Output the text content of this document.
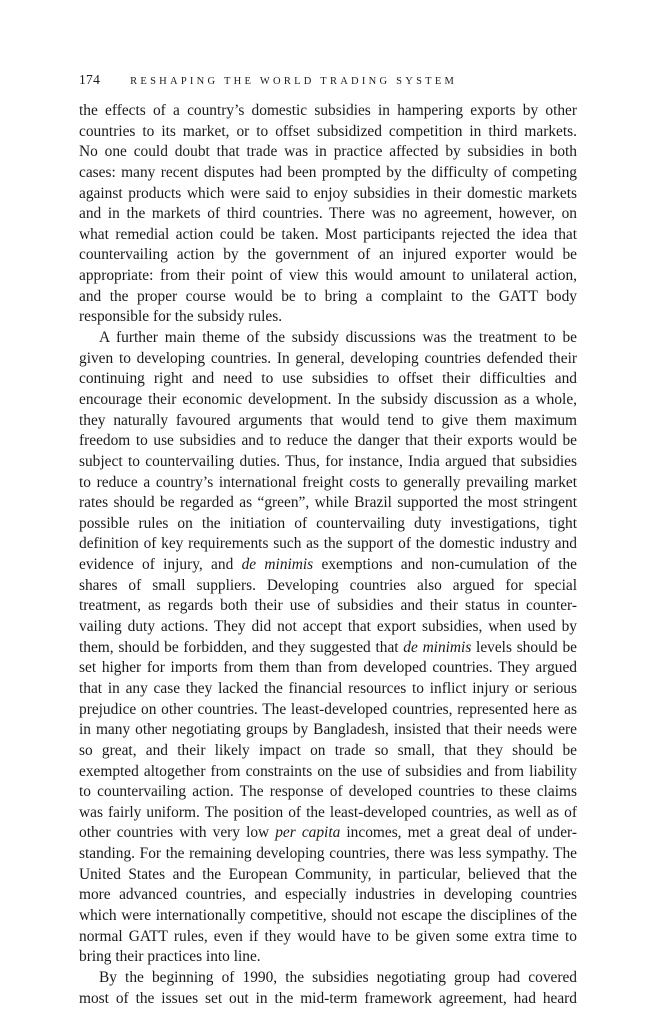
174	RESHAPING THE WORLD TRADING SYSTEM
the effects of a country’s domestic subsidies in hampering exports by other
countries to its market, or to offset subsidized competition in third markets.
No one could doubt that trade was in practice affected by subsidies in both
cases: many recent disputes had been prompted by the difficulty of competing
against products which were said to enjoy subsidies in their domestic markets
and in the markets of third countries. There was no agreement, however, on
what remedial action could be taken. Most participants rejected the idea that
countervailing action by the government of an injured exporter would be
appropriate: from their point of view this would amount to unilateral action,
and the proper course would be to bring a complaint to the GATT body
responsible for the subsidy rules.
A further main theme of the subsidy discussions was the treatment to be
given to developing countries. In general, developing countries defended their
continuing right and need to use subsidies to offset their difficulties and
encourage their economic development. In the subsidy discussion as a whole,
they naturally favoured arguments that would tend to give them maximum
freedom to use subsidies and to reduce the danger that their exports would be
subject to countervailing duties. Thus, for instance, India argued that subsidies
to reduce a country’s international freight costs to generally prevailing market
rates should be regarded as “green”, while Brazil supported the most stringent
possible rules on the initiation of countervailing duty investigations, tight
definition of key requirements such as the support of the domestic industry and
evidence of injury, and de minimis exemptions and non-cumulation of the
shares of small suppliers. Developing countries also argued for special
treatment, as regards both their use of subsidies and their status in counter-
vailing duty actions. They did not accept that export subsidies, when used by
them, should be forbidden, and they suggested that de minimis levels should be
set higher for imports from them than from developed countries. They argued
that in any case they lacked the financial resources to inflict injury or serious
prejudice on other countries. The least-developed countries, represented here as
in many other negotiating groups by Bangladesh, insisted that their needs were
so great, and their likely impact on trade so small, that they should be
exempted altogether from constraints on the use of subsidies and from liability
to countervailing action. The response of developed countries to these claims
was fairly uniform. The position of the least-developed countries, as well as of
other countries with very low per capita incomes, met a great deal of under-
standing. For the remaining developing countries, there was less sympathy. The
United States and the European Community, in particular, believed that the
more advanced countries, and especially industries in developing countries
which were internationally competitive, should not escape the disciplines of the
normal GATT rules, even if they would have to be given some extra time to
bring their practices into line.
By the beginning of 1990, the subsidies negotiating group had covered
most of the issues set out in the mid-term framework agreement, had heard
